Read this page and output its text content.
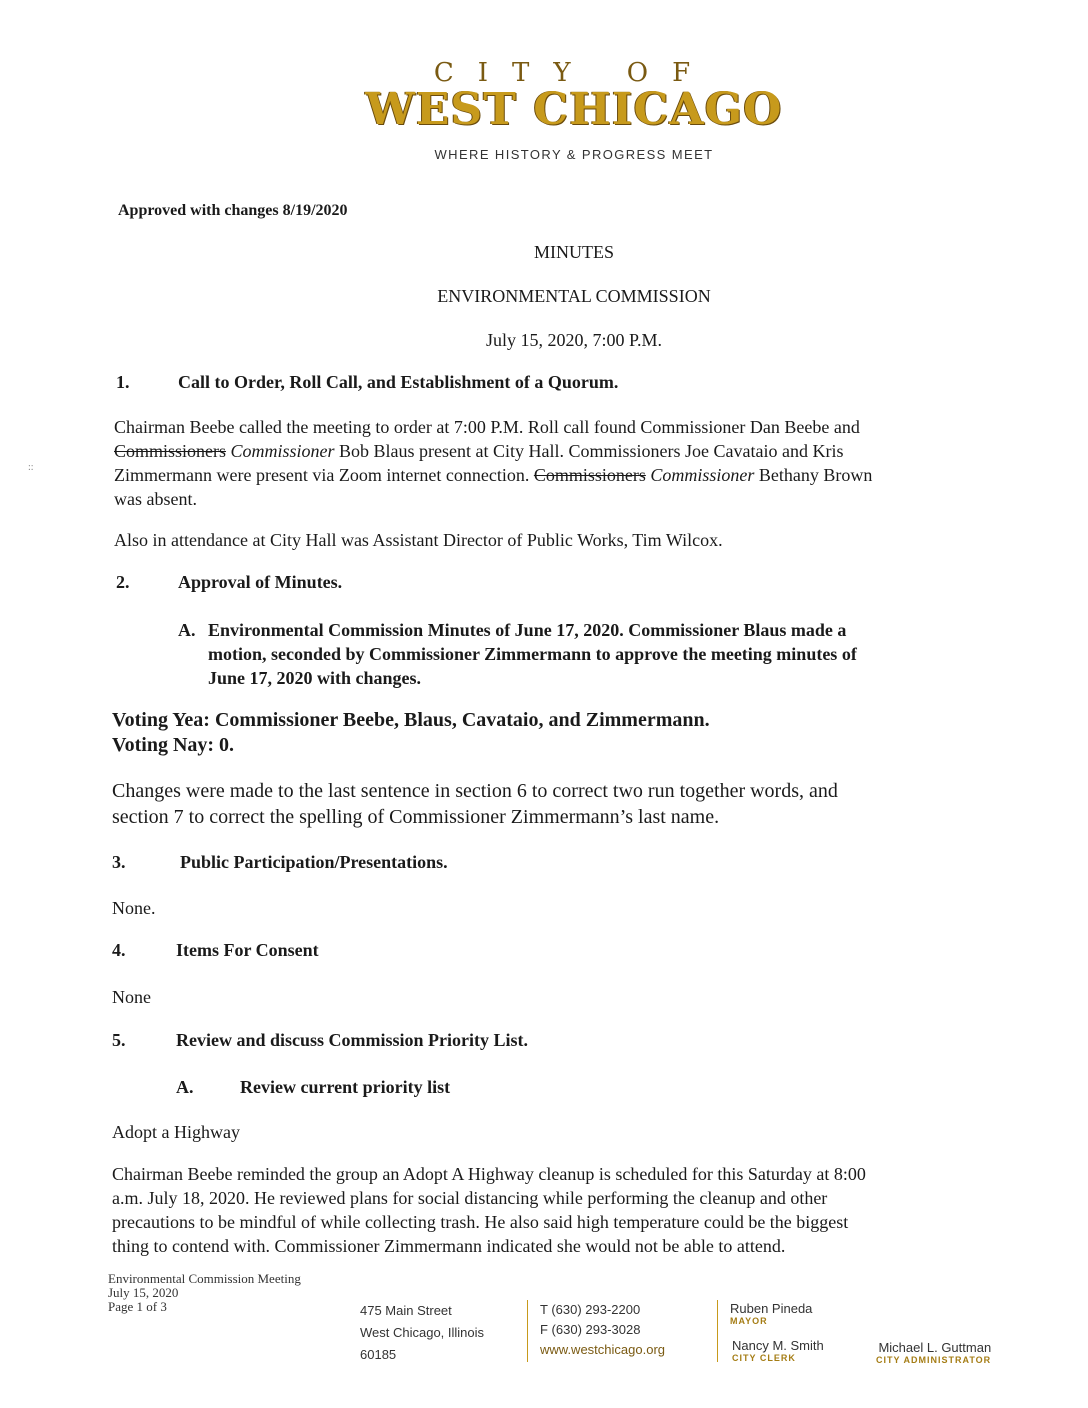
CITY OF
WEST CHICAGO
WHERE HISTORY & PROGRESS MEET
::
Approved with changes 8/19/2020
MINUTES
ENVIRONMENTAL COMMISSION
July 15, 2020, 7:00 P.M.
1.	Call to Order, Roll Call, and Establishment of a Quorum.
Chairman Beebe called the meeting to order at 7:00 P.M. Roll call found Commissioner Dan Beebe and
Commissioners Commissioner Bob Blaus present at City Hall. Commissioners Joe Cavataio and Kris
Zimmermann were present via Zoom internet connection. Commissioners Commissioner Bethany Brown
was absent.
Also in attendance at City Hall was Assistant Director of Public Works, Tim Wilcox.
2.	Approval of Minutes.
A. Environmental Commission Minutes of June 17, 2020. Commissioner Blaus made a
motion, seconded by Commissioner Zimmermann to approve the meeting minutes of
June 17, 2020 with changes.
Voting Yea: Commissioner Beebe, Blaus, Cavataio, and Zimmermann.
Voting Nay: 0.
Changes were made to the last sentence in section 6 to correct two run together words, and
section 7 to correct the spelling of Commissioner Zimmermann’s last name.
3.	Public Participation/Presentations.
None.
4.	Items For Consent
None
5.	Review and discuss Commission Priority List.
A.	Review current priority list
Adopt a Highway
Chairman Beebe reminded the group an Adopt A Highway cleanup is scheduled for this Saturday at 8:00
a.m. July 18, 2020. He reviewed plans for social distancing while performing the cleanup and other
precautions to be mindful of while collecting trash. He also said high temperature could be the biggest
thing to contend with. Commissioner Zimmermann indicated she would not be able to attend.
Environmental Commission Meeting
July 15, 2020
Page 1 of 3	475 Main Street
West Chicago, Illinois
60185
T (630) 293-2200
F (630) 293-3028
www.westchicago.org
Ruben Pineda
MAYOR
Nancy M. Smith
CITY CLERK
Michael L. Guttman
CITY ADMINISTRATOR
